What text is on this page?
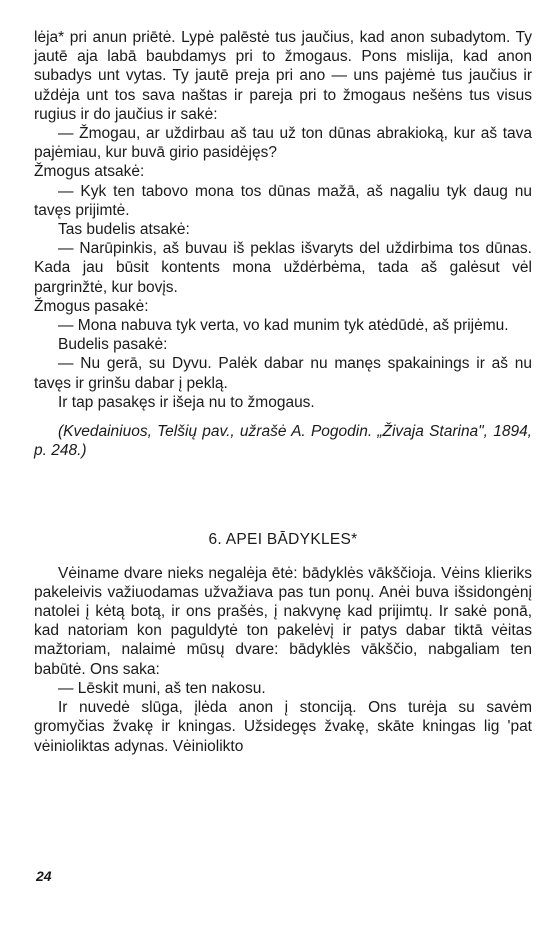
lėja* pri anun priētė. Lypė palēstė tus jaučius, kad anon subadytom. Ty jautē aja labā baubdamys pri to žmogaus. Pons mislija, kad anon subadys unt vytas. Ty jautē preja pri ano — uns pajėmė tus jaučius ir uždėja unt tos sava naštas ir pareja pri to žmogaus nešėns tus visus rugius ir do jaučius ir sakė:

— Žmogau, ar uždirbau aš tau už ton dūnas abrakioką, kur aš tava pajėmiau, kur buvā girio pasidėjęs?

Žmogus atsakė:

— Kyk ten tabovo mona tos dūnas mažā, aš nagaliu tyk daug nu tavęs prijimtė.

Tas budelis atsakė:

— Narūpinkis, aš buvau iš peklas išvaryts del uždirbima tos dūnas. Kada jau būsit kontents mona uždėrbėma, tada aš galėsut vėl pargrinžtė, kur bovįs.

Žmogus pasakė:

— Mona nabuva tyk verta, vo kad munim tyk atėdūdė, aš prijėmu.

Budelis pasakė:

— Nu gerā, su Dyvu. Palėk dabar nu manęs spakainings ir aš nu tavęs ir grinšu dabar į peklą.

Ir tap pasakęs ir išeja nu to žmogaus.

(Kvedainiuos, Telšių pav., užrašė A. Pogodin. „Živaja Starina", 1894, p. 248.)

6. APEI BĀDYKLES*

Vėiname dvare nieks negalėja ētė: bādyklės vākščioja. Vėins klieriks pakeleivis važiuodamas užvažiava pas tun ponų. Anėi buva išsidongėnį natolei į kėtą botą, ir ons prašės, į nakvynę kad prijimtų. Ir sakė ponā, kad natoriam kon paguldytė ton pakelėvį ir patys dabar tiktā vėitas mažtoriam, nalaimė mūsų dvare: bādyklės vākščio, nabgaliam ten babūtė. Ons saka:

— Lēskit muni, aš ten nakosu.

Ir nuvedė slūga, įlėda anon į stonciją. Ons turėja su savėm gromyčias žvakę ir kningas. Užsidegęs žvakę, skāte kningas lig 'pat vėinioliktas adynas. Vėiniolikto

24
